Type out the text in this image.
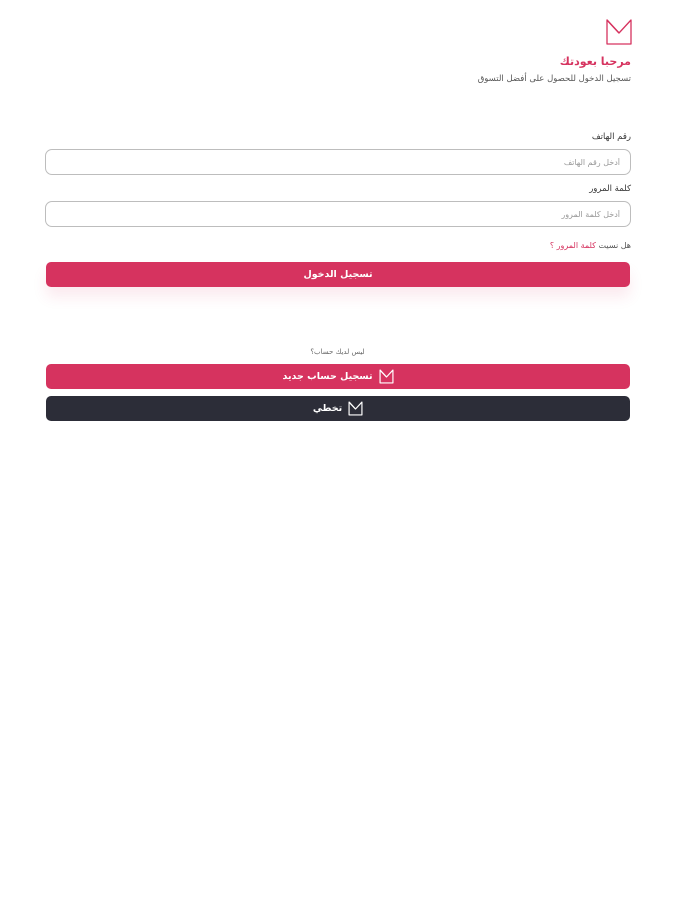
مرحبا بعودتك
تسجيل الدخول للحصول على أفضل التسوق
رقم الهاتف
أدخل رقم الهاتف
كلمة المرور
هل نسيت كلمة المرور ؟
تسجيل الدخول
ليس لديك حساب؟
تسجيل حساب جديد
تخطي
